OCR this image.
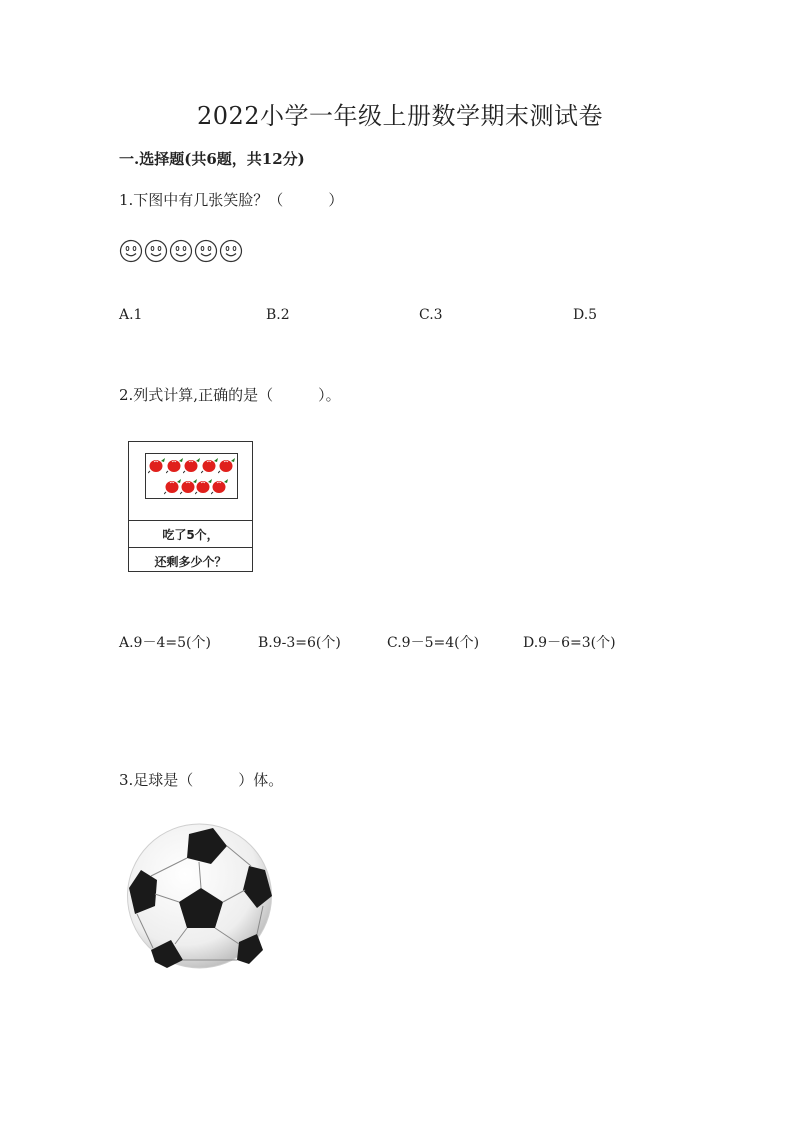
2022小学一年级上册数学期末测试卷
一.选择题(共6题，共12分)
1.下图中有几张笑脸？（　　　）
A.1	B.2	C.3	D.5
2.列式计算,正确的是（　　　）。
吃了5个，
还剩多少个？
A.9－4=5(个)	B.9-3=6(个)	C.9－5=4(个)	D.9－6=3(个)
3.足球是（　　　）体。
